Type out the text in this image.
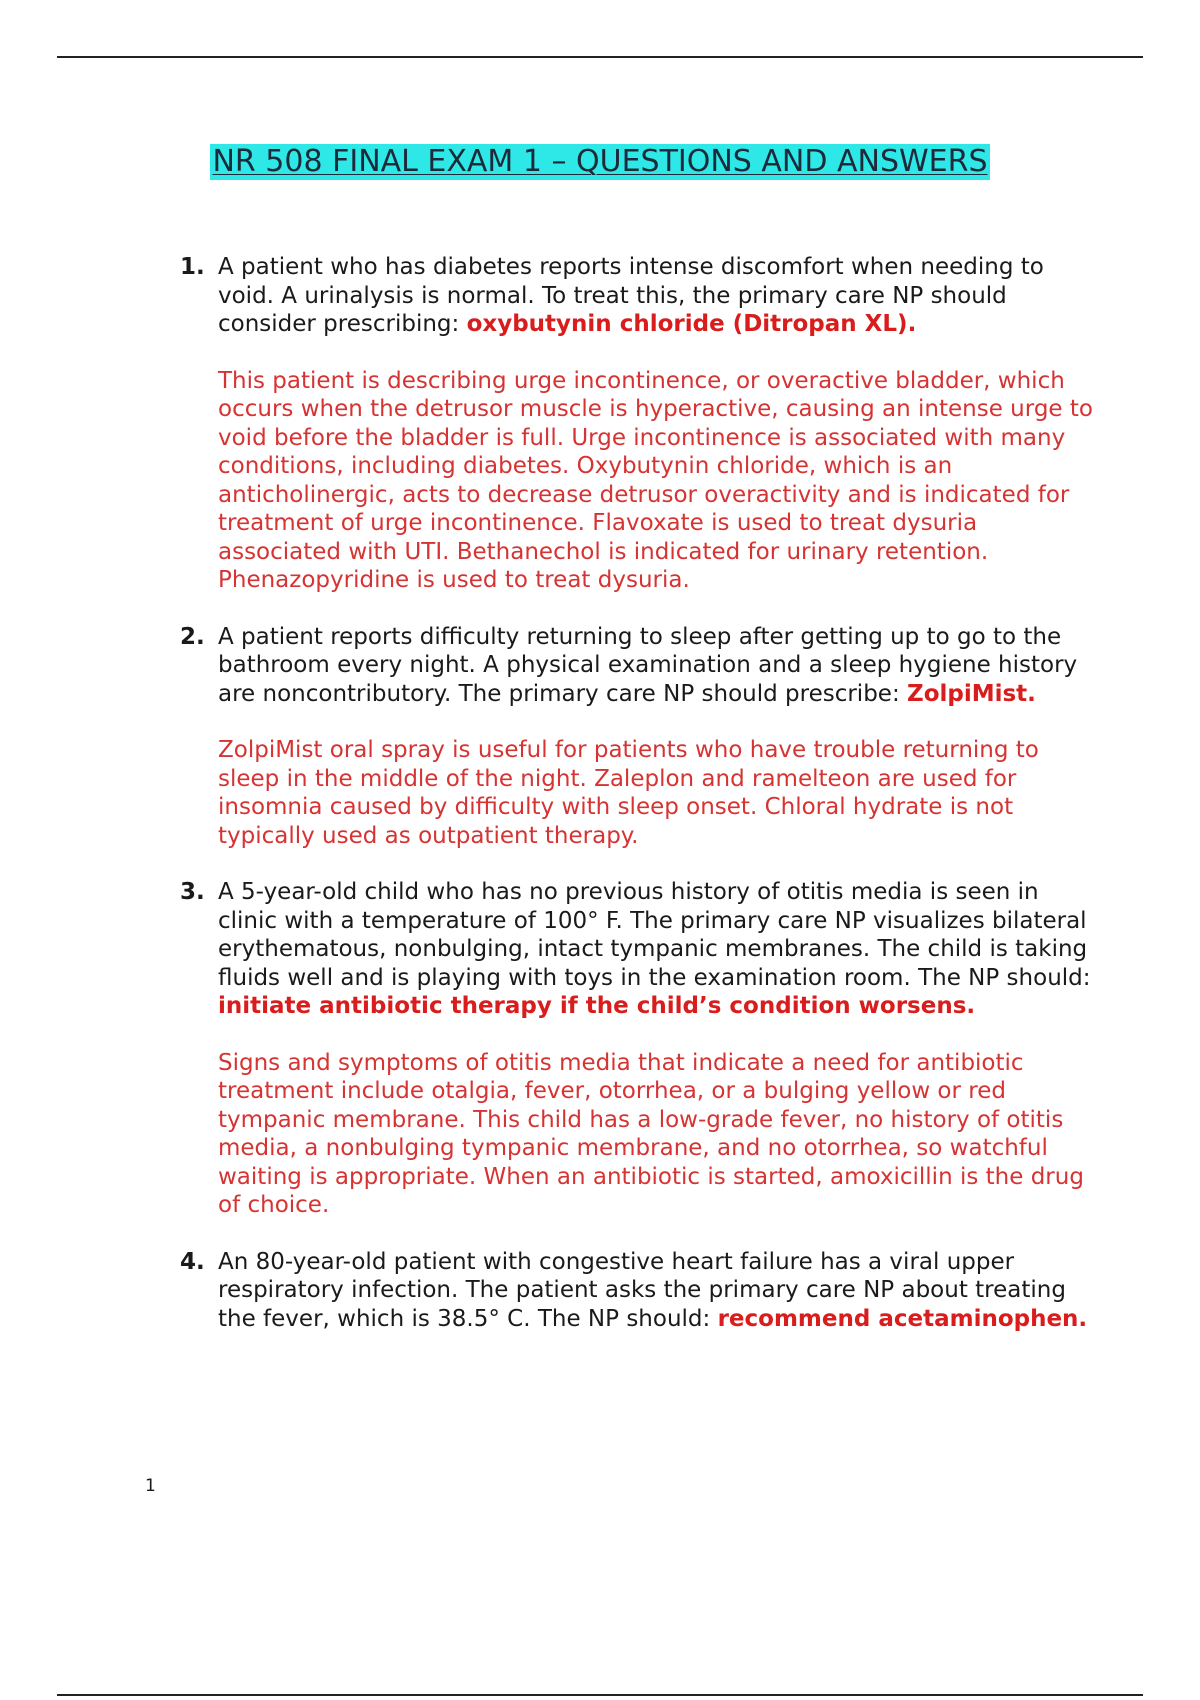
NR 508 FINAL EXAM 1 – QUESTIONS AND ANSWERS
1. A patient who has diabetes reports intense discomfort when needing to void. A urinalysis is normal. To treat this, the primary care NP should consider prescribing: oxybutynin chloride (Ditropan XL).

This patient is describing urge incontinence, or overactive bladder, which occurs when the detrusor muscle is hyperactive, causing an intense urge to void before the bladder is full. Urge incontinence is associated with many conditions, including diabetes. Oxybutynin chloride, which is an anticholinergic, acts to decrease detrusor overactivity and is indicated for treatment of urge incontinence. Flavoxate is used to treat dysuria associated with UTI. Bethanechol is indicated for urinary retention. Phenazopyridine is used to treat dysuria.

2. A patient reports difficulty returning to sleep after getting up to go to the bathroom every night. A physical examination and a sleep hygiene history are noncontributory. The primary care NP should prescribe: ZolpiMist.

ZolpiMist oral spray is useful for patients who have trouble returning to sleep in the middle of the night. Zaleplon and ramelteon are used for insomnia caused by difficulty with sleep onset. Chloral hydrate is not typically used as outpatient therapy.

3. A 5-year-old child who has no previous history of otitis media is seen in clinic with a temperature of 100° F. The primary care NP visualizes bilateral erythematous, nonbulging, intact tympanic membranes. The child is taking fluids well and is playing with toys in the examination room. The NP should: initiate antibiotic therapy if the child’s condition worsens.

Signs and symptoms of otitis media that indicate a need for antibiotic treatment include otalgia, fever, otorrhea, or a bulging yellow or red tympanic membrane. This child has a low-grade fever, no history of otitis media, a nonbulging tympanic membrane, and no otorrhea, so watchful waiting is appropriate. When an antibiotic is started, amoxicillin is the drug of choice.

4. An 80-year-old patient with congestive heart failure has a viral upper respiratory infection. The patient asks the primary care NP about treating the fever, which is 38.5° C. The NP should: recommend acetaminophen.

1
